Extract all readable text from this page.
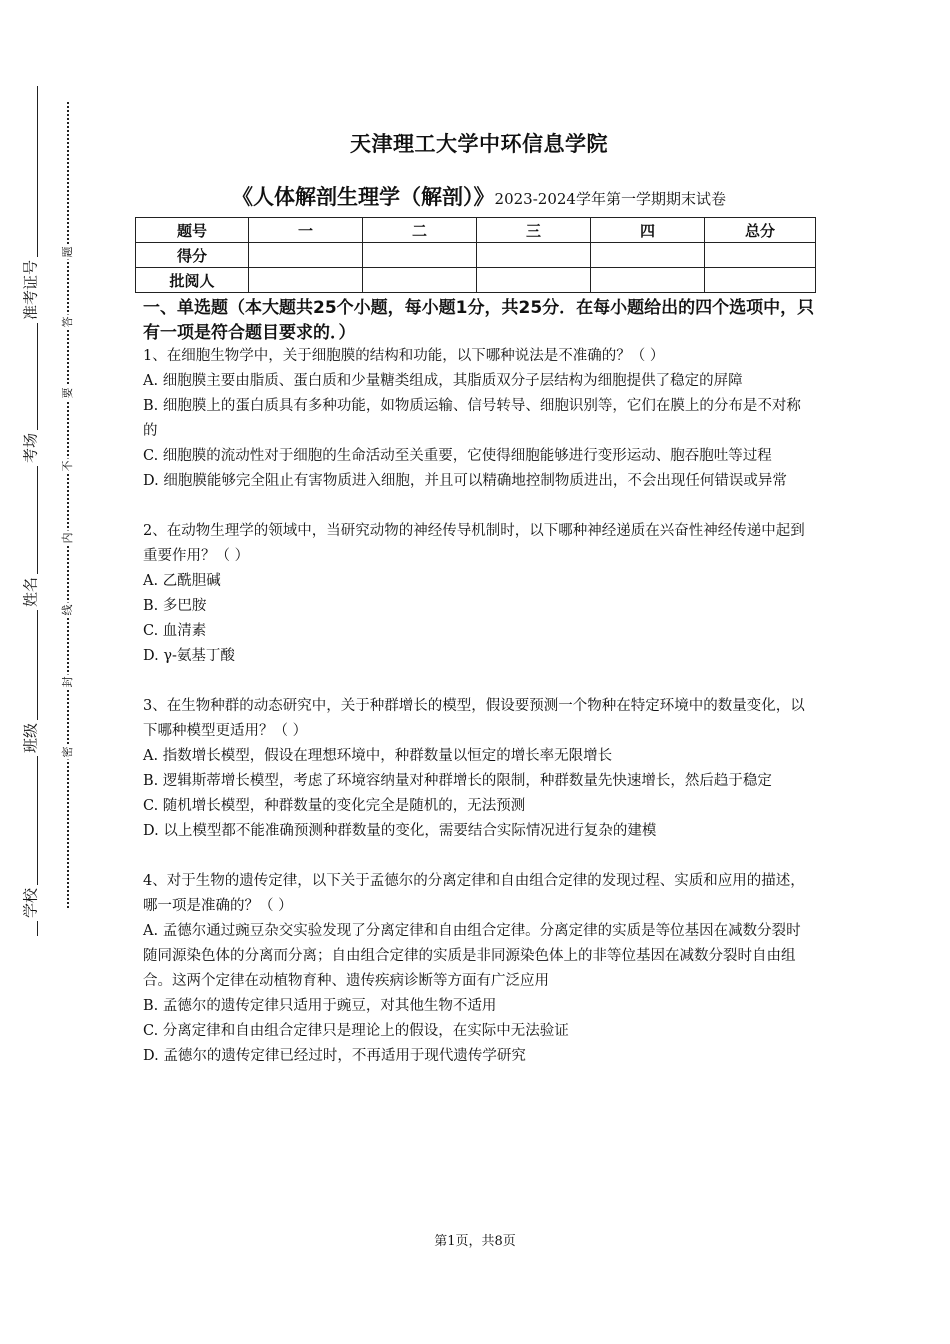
准考证号
考场
姓名
班级
学校
题
答
要
不
内
线
封
密
天津理工大学中环信息学院
《人体解剖生理学（解剖）》2023-2024学年第一学期期末试卷
题号	一	二	三	四	总分
得分					
批阅人					
一、单选题（本大题共25个小题，每小题1分，共25分．在每小题给出的四个选项中，只有一项是符合题目要求的．）

1、在细胞生物学中，关于细胞膜的结构和功能，以下哪种说法是不准确的？（ ）

A. 细胞膜主要由脂质、蛋白质和少量糖类组成，其脂质双分子层结构为细胞提供了稳定的屏障

B. 细胞膜上的蛋白质具有多种功能，如物质运输、信号转导、细胞识别等，它们在膜上的分布是不对称的

C. 细胞膜的流动性对于细胞的生命活动至关重要，它使得细胞能够进行变形运动、胞吞胞吐等过程

D. 细胞膜能够完全阻止有害物质进入细胞，并且可以精确地控制物质进出，不会出现任何错误或异常

2、在动物生理学的领域中，当研究动物的神经传导机制时，以下哪种神经递质在兴奋性神经传递中起到重要作用？（ ）

A. 乙酰胆碱

B. 多巴胺

C. 血清素

D. γ-氨基丁酸

3、在生物种群的动态研究中，关于种群增长的模型，假设要预测一个物种在特定环境中的数量变化，以下哪种模型更适用？（ ）

A. 指数增长模型，假设在理想环境中，种群数量以恒定的增长率无限增长

B. 逻辑斯蒂增长模型，考虑了环境容纳量对种群增长的限制，种群数量先快速增长，然后趋于稳定

C. 随机增长模型，种群数量的变化完全是随机的，无法预测

D. 以上模型都不能准确预测种群数量的变化，需要结合实际情况进行复杂的建模

4、对于生物的遗传定律，以下关于孟德尔的分离定律和自由组合定律的发现过程、实质和应用的描述，哪一项是准确的？（ ）

A. 孟德尔通过豌豆杂交实验发现了分离定律和自由组合定律。分离定律的实质是等位基因在减数分裂时随同源染色体的分离而分离；自由组合定律的实质是非同源染色体上的非等位基因在减数分裂时自由组合。这两个定律在动植物育种、遗传疾病诊断等方面有广泛应用

B. 孟德尔的遗传定律只适用于豌豆，对其他生物不适用

C. 分离定律和自由组合定律只是理论上的假设，在实际中无法验证

D. 孟德尔的遗传定律已经过时，不再适用于现代遗传学研究

第1页，共8页
